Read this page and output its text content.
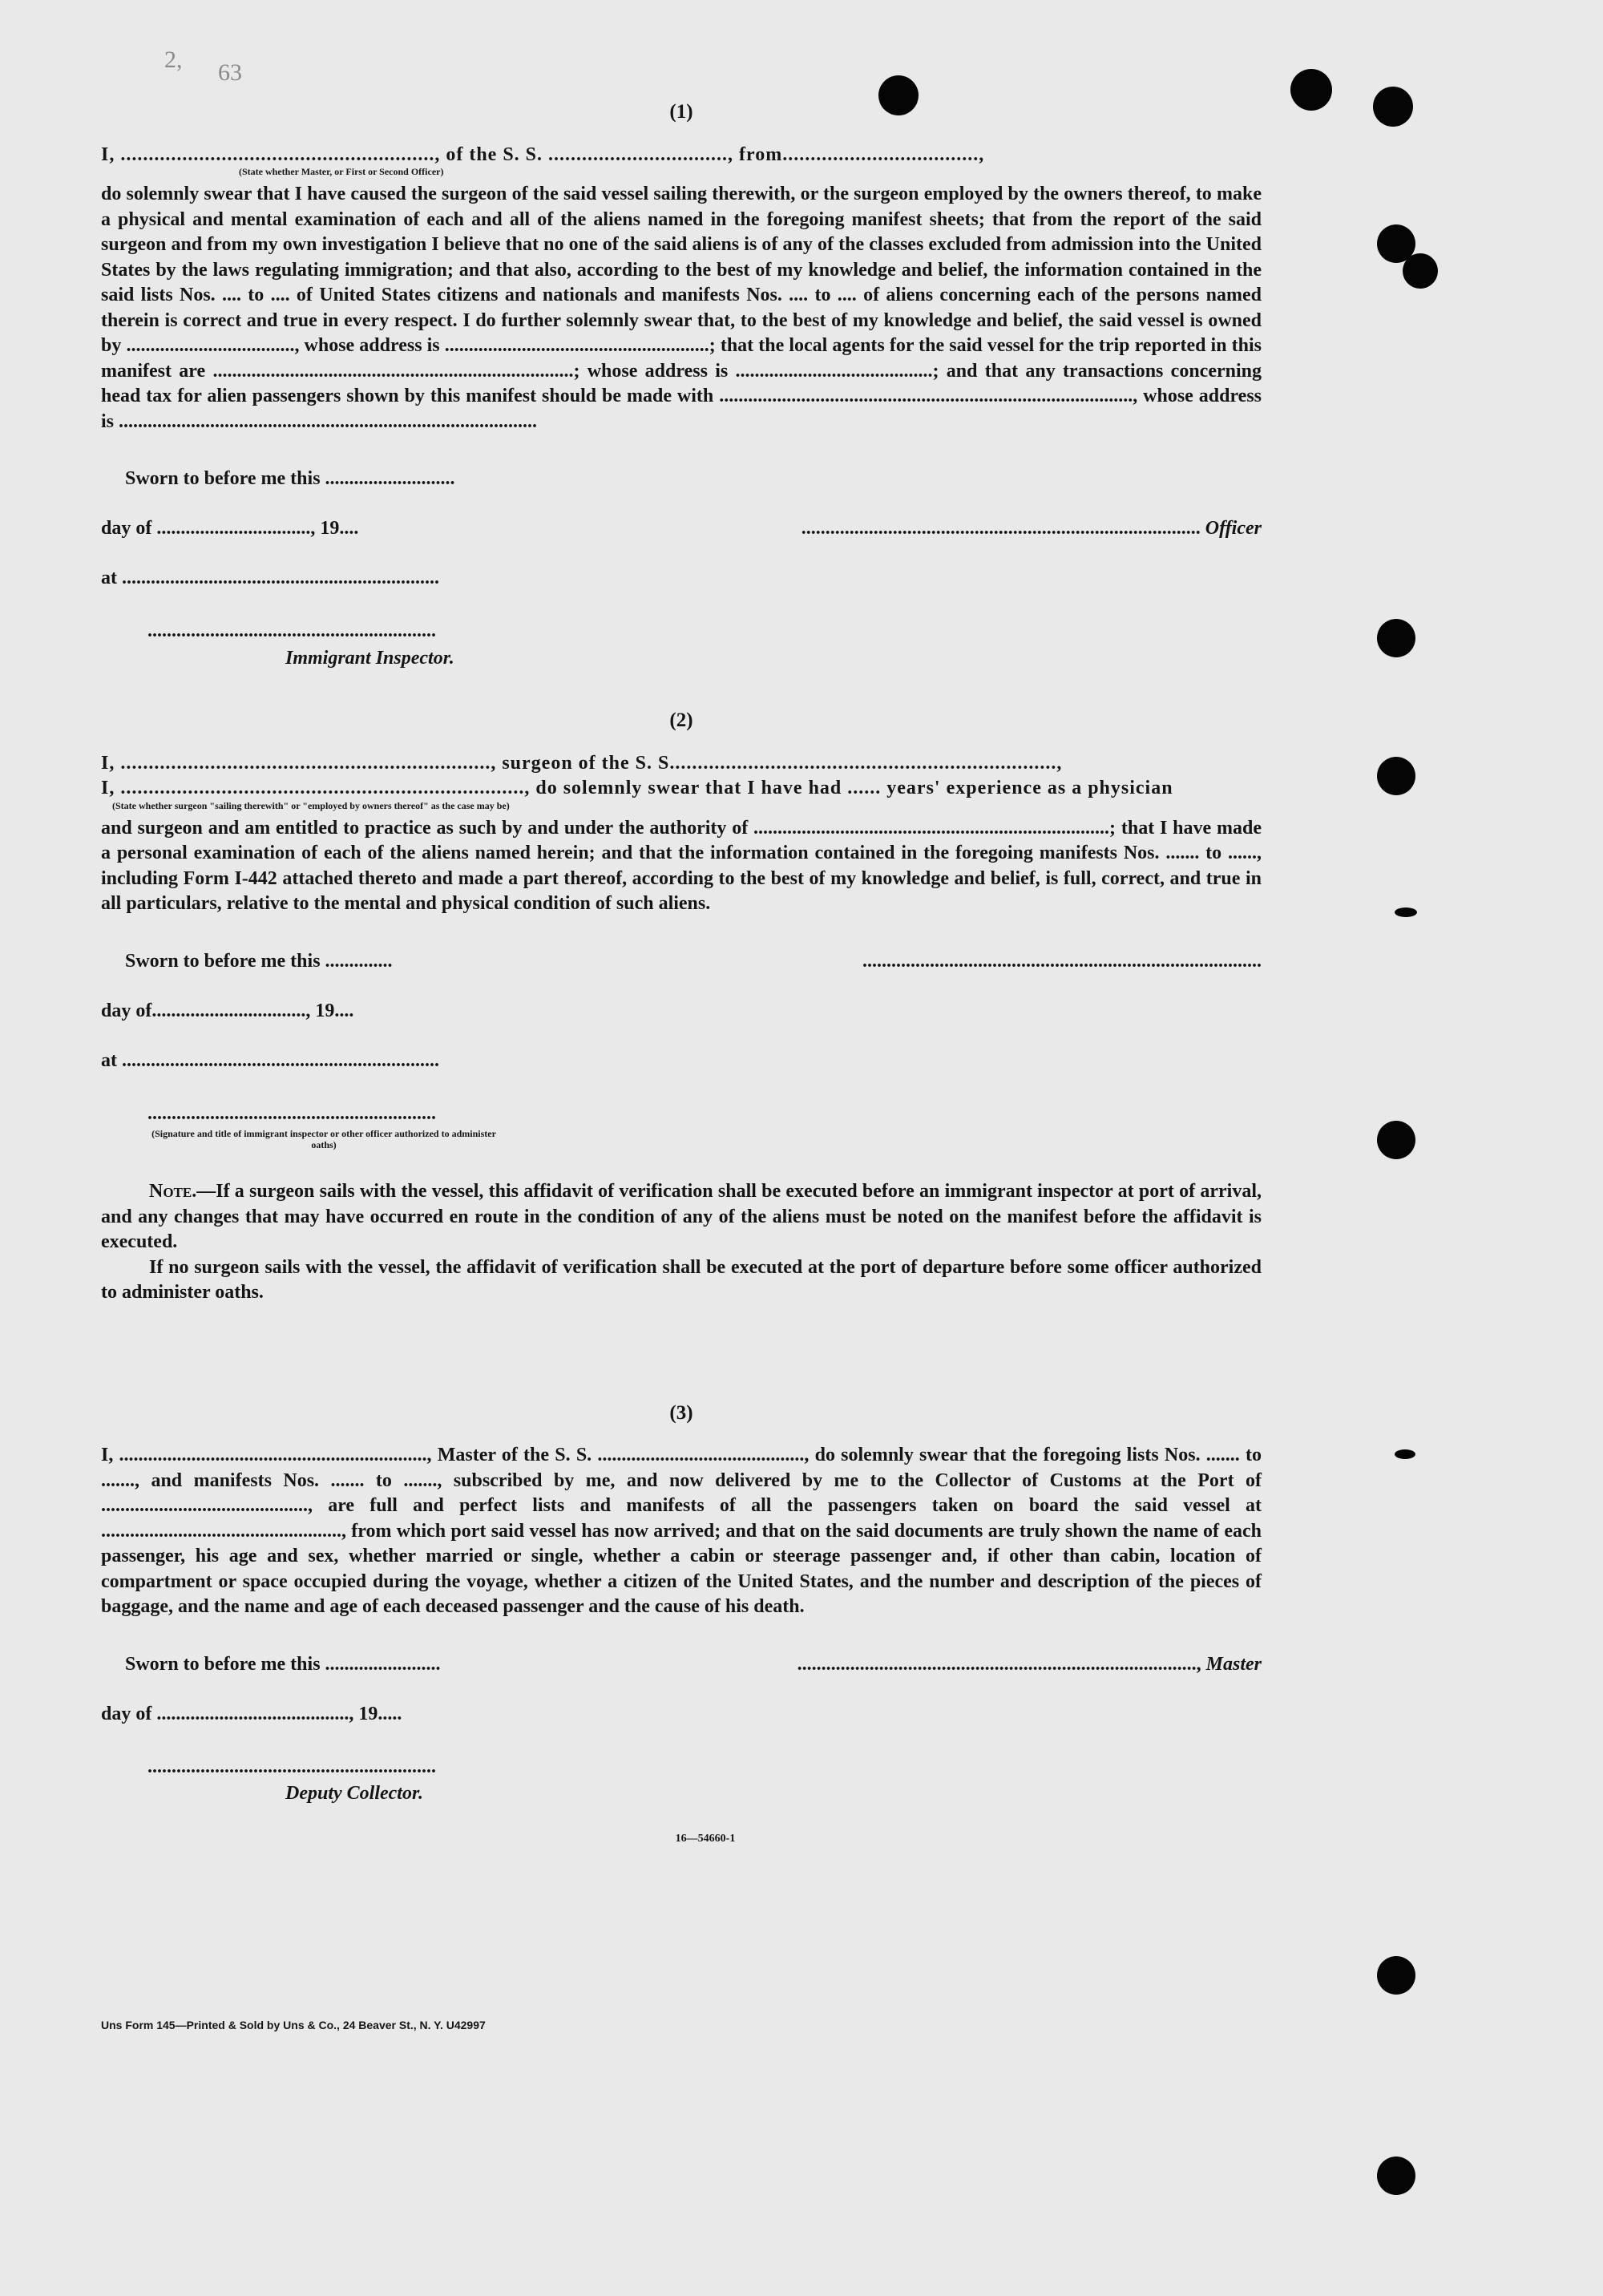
2, 63
(1)
I, ........................................................, of the S. S. ................................, from...................................,
(State whether Master, or First or Second Officer)

do solemnly swear that I have caused the surgeon of the said vessel sailing therewith, or the surgeon employed by the owners thereof, to make a physical and mental examination of each and all of the aliens named in the foregoing manifest sheets; that from the report of the said surgeon and from my own investigation I believe that no one of the said aliens is of any of the classes excluded from admission into the United States by the laws regulating immigration; and that also, according to the best of my knowledge and belief, the information contained in the said lists Nos. .... to .... of United States citizens and nationals and manifests Nos. .... to .... of aliens concerning each of the persons named therein is correct and true in every respect. I do further solemnly swear that, to the best of my knowledge and belief, the said vessel is owned by ..................................., whose address is .......................................................; that the local agents for the said vessel for the trip reported in this manifest are ...........................................................................; whose address is .........................................; and that any transactions concerning head tax for alien passengers shown by this manifest should be made with ......................................................................................, whose address is .......................................................................................

Sworn to before me this ...........................
day of ................................, 19....	................................................................................... Officer
at ..................................................................
............................................................
Immigrant Inspector.
(2)
I, .................................................................., surgeon of the S. S.....................................................................,
I, ........................................................................, do solemnly swear that I have had ...... years' experience as a physician
(State whether surgeon "sailing therewith" or "employed by owners thereof" as the case may be)

and surgeon and am entitled to practice as such by and under the authority of ..........................................................................; that I have made a personal examination of each of the aliens named herein; and that the information contained in the foregoing manifests Nos. ....... to ......, including Form I-442 attached thereto and made a part thereof, according to the best of my knowledge and belief, is full, correct, and true in all particulars, relative to the mental and physical condition of such aliens.

Sworn to before me this ..............	...................................................................................
day of................................, 19....
at ..................................................................
............................................................
(Signature and title of immigrant inspector or other officer authorized to administer oaths)

Note.—If a surgeon sails with the vessel, this affidavit of verification shall be executed before an immigrant inspector at port of arrival, and any changes that may have occurred en route in the condition of any of the aliens must be noted on the manifest before the affidavit is executed.

If no surgeon sails with the vessel, the affidavit of verification shall be executed at the port of departure before some officer authorized to administer oaths.

(3)

I, ................................................................, Master of the S. S. ..........................................., do solemnly swear that the foregoing lists Nos. ....... to ......., and manifests Nos. ....... to ......., subscribed by me, and now delivered by me to the Collector of Customs at the Port of ..........................................., are full and perfect lists and manifests of all the passengers taken on board the said vessel at .................................................., from which port said vessel has now arrived; and that on the said documents are truly shown the name of each passenger, his age and sex, whether married or single, whether a cabin or steerage passenger and, if other than cabin, location of compartment or space occupied during the voyage, whether a citizen of the United States, and the number and description of the pieces of baggage, and the name and age of each deceased passenger and the cause of his death.

Sworn to before me this ........................	..................................................................................., Master
day of ........................................, 19.....
............................................................
Deputy Collector.
16—54660-1
Uns Form 145—Printed & Sold by Uns & Co., 24 Beaver St., N. Y. U42997
